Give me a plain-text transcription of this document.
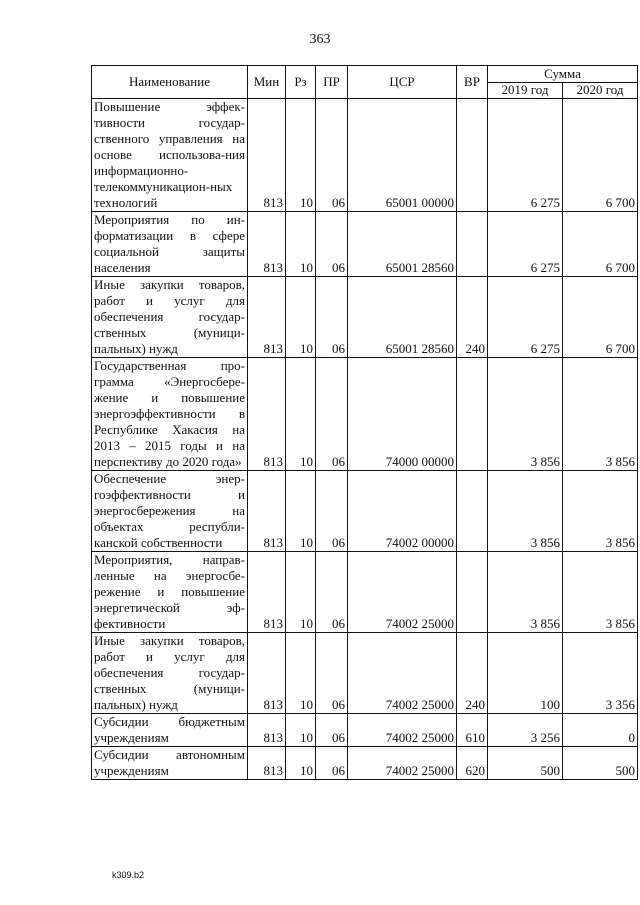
363
Наименование	Мин	Рз	ПР	ЦСР	ВР	Сумма	
						2019 год	2020 год
Повышение эффек-тивности государ-ственного управления на основе использова-ния информационно-телекоммуникацион-ных технологий	813	10	06	65001 00000		6 275	6 700
Мероприятия по ин-форматизации в сфере социальной защиты населения	813	10	06	65001 28560		6 275	6 700
Иные закупки товаров, работ и услуг для обеспечения государ-ственных (муници-пальных) нужд	813	10	06	65001 28560	240	6 275	6 700
Государственная про-грамма «Энергосбере-жение и повышение энергоэффективности в Республике Хакасия на 2013 – 2015 годы и на перспективу до 2020 года»	813	10	06	74000 00000		3 856	3 856
Обеспечение энер-гоэффективности и энергосбережения на объектах республи-канской собственности	813	10	06	74002 00000		3 856	3 856
Мероприятия, направ-ленные на энергосбе-режение и повышение энергетической эф-фективности	813	10	06	74002 25000		3 856	3 856
Иные закупки товаров, работ и услуг для обеспечения государ-ственных (муници-пальных) нужд	813	10	06	74002 25000	240	100	3 356
Субсидии бюджетным учреждениям	813	10	06	74002 25000	610	3 256	0
Субсидии автономным учреждениям	813	10	06	74002 25000	620	500	500
k309.b2
